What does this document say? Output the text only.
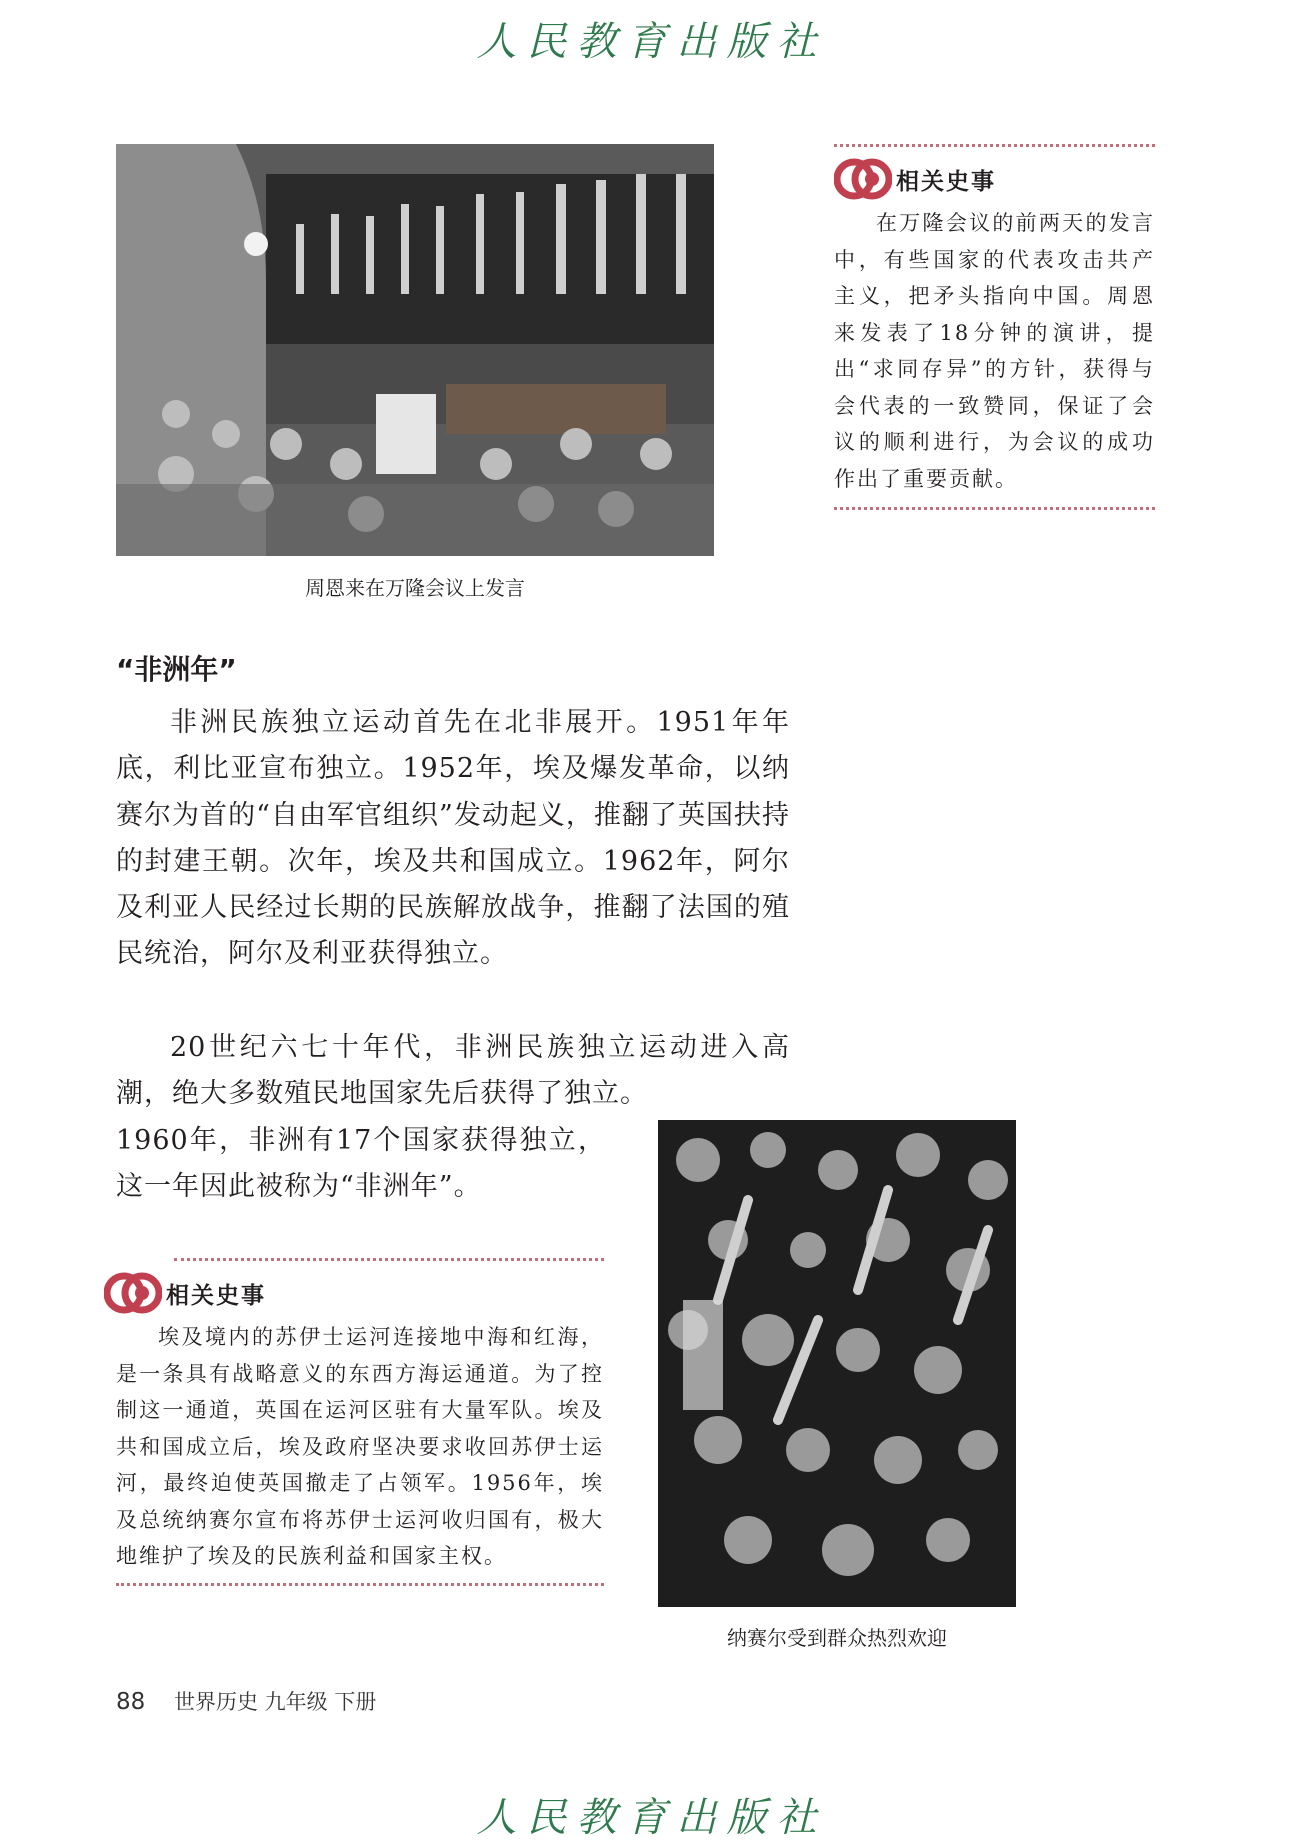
人民教育出版社
周恩来在万隆会议上发言
相关史事

在万隆会议的前两天的发言中，有些国家的代表攻击共产主义，把矛头指向中国。周恩来发表了18分钟的演讲，提出“求同存异”的方针，获得与会代表的一致赞同，保证了会议的顺利进行，为会议的成功作出了重要贡献。

“非洲年”

非洲民族独立运动首先在北非展开。1951年年底，利比亚宣布独立。1952年，埃及爆发革命，以纳赛尔为首的“自由军官组织”发动起义，推翻了英国扶持的封建王朝。次年，埃及共和国成立。1962年，阿尔及利亚人民经过长期的民族解放战争，推翻了法国的殖民统治，阿尔及利亚获得独立。

20世纪六七十年代，非洲民族独立运动进入高潮，绝大多数殖民地国家先后获得了独立。

1960年，非洲有17个国家获得独立，这一年因此被称为“非洲年”。

纳赛尔受到群众热烈欢迎
相关史事

埃及境内的苏伊士运河连接地中海和红海，是一条具有战略意义的东西方海运通道。为了控制这一通道，英国在运河区驻有大量军队。埃及共和国成立后，埃及政府坚决要求收回苏伊士运河，最终迫使英国撤走了占领军。1956年，埃及总统纳赛尔宣布将苏伊士运河收归国有，极大地维护了埃及的民族利益和国家主权。

88 世界历史 九年级 下册
人民教育出版社
